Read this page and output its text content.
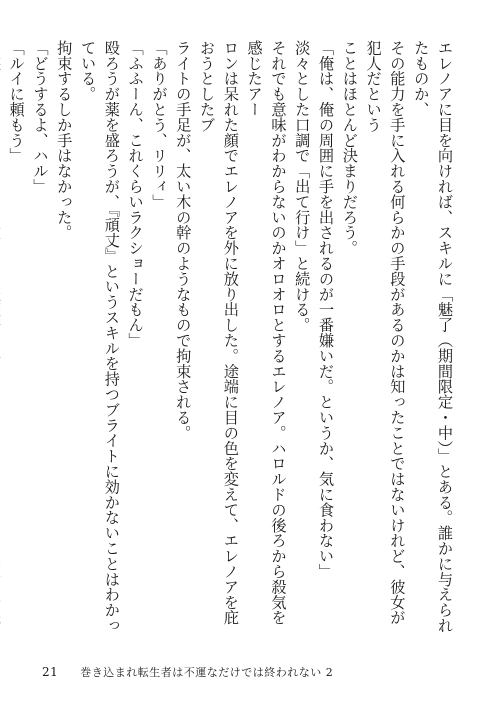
エレノアに目を向ければ、スキルに「魅了（期間限定・中）」とある。誰かに与えられたものか、

その能力を手に入れる何らかの手段があるのかは知ったことではないけれど、彼女が犯人だという

ことはほとんど決まりだろう。

「俺は、俺の周囲に手を出されるのが一番嫌いだ。というか、気に食わない」

淡々とした口調で「出て行け」と続ける。

それでも意味がわからないのかオロオロとするエレノア。ハロルドの後ろから殺気を感じたアー

ロンは呆れた顔でエレノアを外に放り出した。途端に目の色を変えて、エレノアを庇おうとしたブ

ライトの手足が、太い木の幹のようなもので拘束される。

「ありがとう、リリィ」

「ふふーん、これくらいラクショーだもん」

殴ろうが薬を盛ろうが、『頑丈』というスキルを持つブライトに効かないことはわかっている。

拘束するしか手はなかった。

「どうするよ、ハル」

「ルイに頼もう」

21 巻き込まれ転生者は不運なだけでは終われない 2
